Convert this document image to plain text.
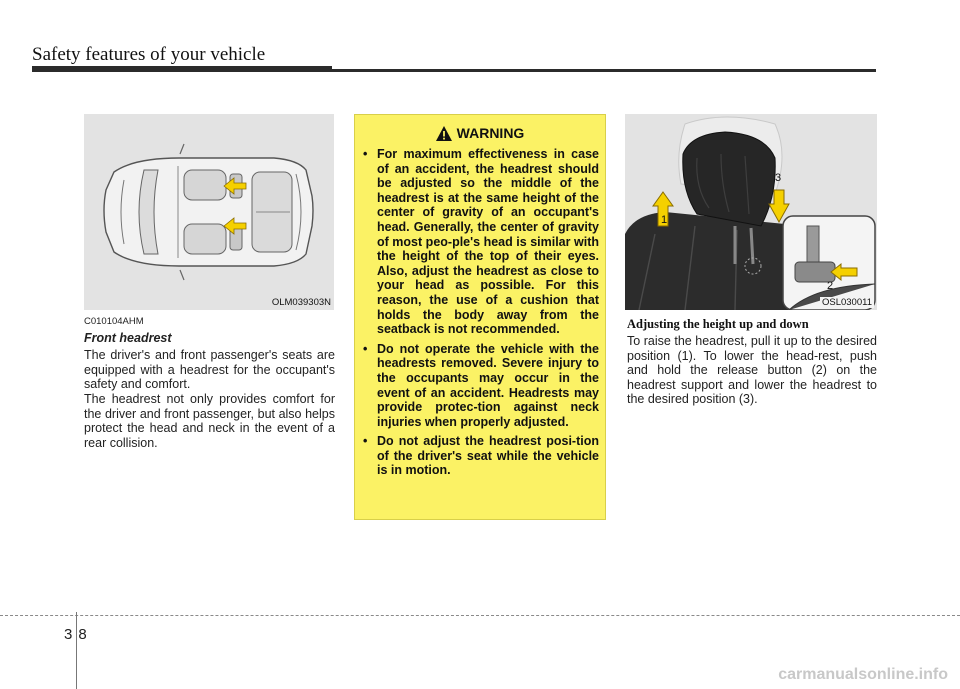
Safety features of your vehicle
OLM039303N
C010104AHM
Front headrest
The driver's and front passenger's seats are equipped with a headrest for the occupant's safety and comfort.
The headrest not only provides comfort for the driver and front passenger, but also helps protect the head and neck in the event of a rear collision.
WARNING
• For maximum effectiveness in case of an accident, the headrest should be adjusted so the middle of the headrest is at the same height of the center of gravity of an occupant's head. Generally, the center of gravity of most peo-ple's head is similar with the height of the top of their eyes. Also, adjust the headrest as close to your head as possible. For this reason, the use of a cushion that holds the body away from the seatback is not recommended.
• Do not operate the vehicle with the headrests removed. Severe injury to the occupants may occur in the event of an accident. Headrests may provide protec-tion against neck injuries when properly adjusted.
• Do not adjust the headrest posi-tion of the driver's seat while the vehicle is in motion.
1
3
2
OSL030011
Adjusting the height up and down
To raise the headrest, pull it up to the desired position (1). To lower the head-rest, push and hold the release button (2) on the headrest support and lower the headrest to the desired position (3).
38
carmanualsonline.info
